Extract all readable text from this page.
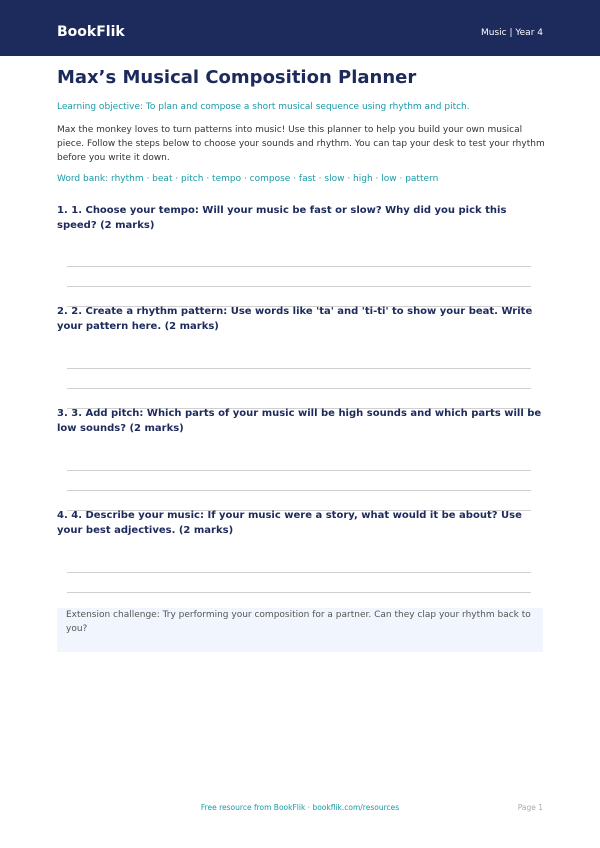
BookFlik	Music | Year 4
Max’s Musical Composition Planner
Learning objective: To plan and compose a short musical sequence using rhythm and pitch.
Max the monkey loves to turn patterns into music! Use this planner to help you build your own musical piece. Follow the steps below to choose your sounds and rhythm. You can tap your desk to test your rhythm before you write it down.
Word bank: rhythm · beat · pitch · tempo · compose · fast · slow · high · low · pattern
1. 1. Choose your tempo: Will your music be fast or slow? Why did you pick this speed? (2 marks)
2. 2. Create a rhythm pattern: Use words like 'ta' and 'ti-ti' to show your beat. Write your pattern here. (2 marks)
3. 3. Add pitch: Which parts of your music will be high sounds and which parts will be low sounds? (2 marks)
4. 4. Describe your music: If your music were a story, what would it be about? Use your best adjectives. (2 marks)
Extension challenge: Try performing your composition for a partner. Can they clap your rhythm back to you?
Free resource from BookFlik · bookflik.com/resources	Page 1
